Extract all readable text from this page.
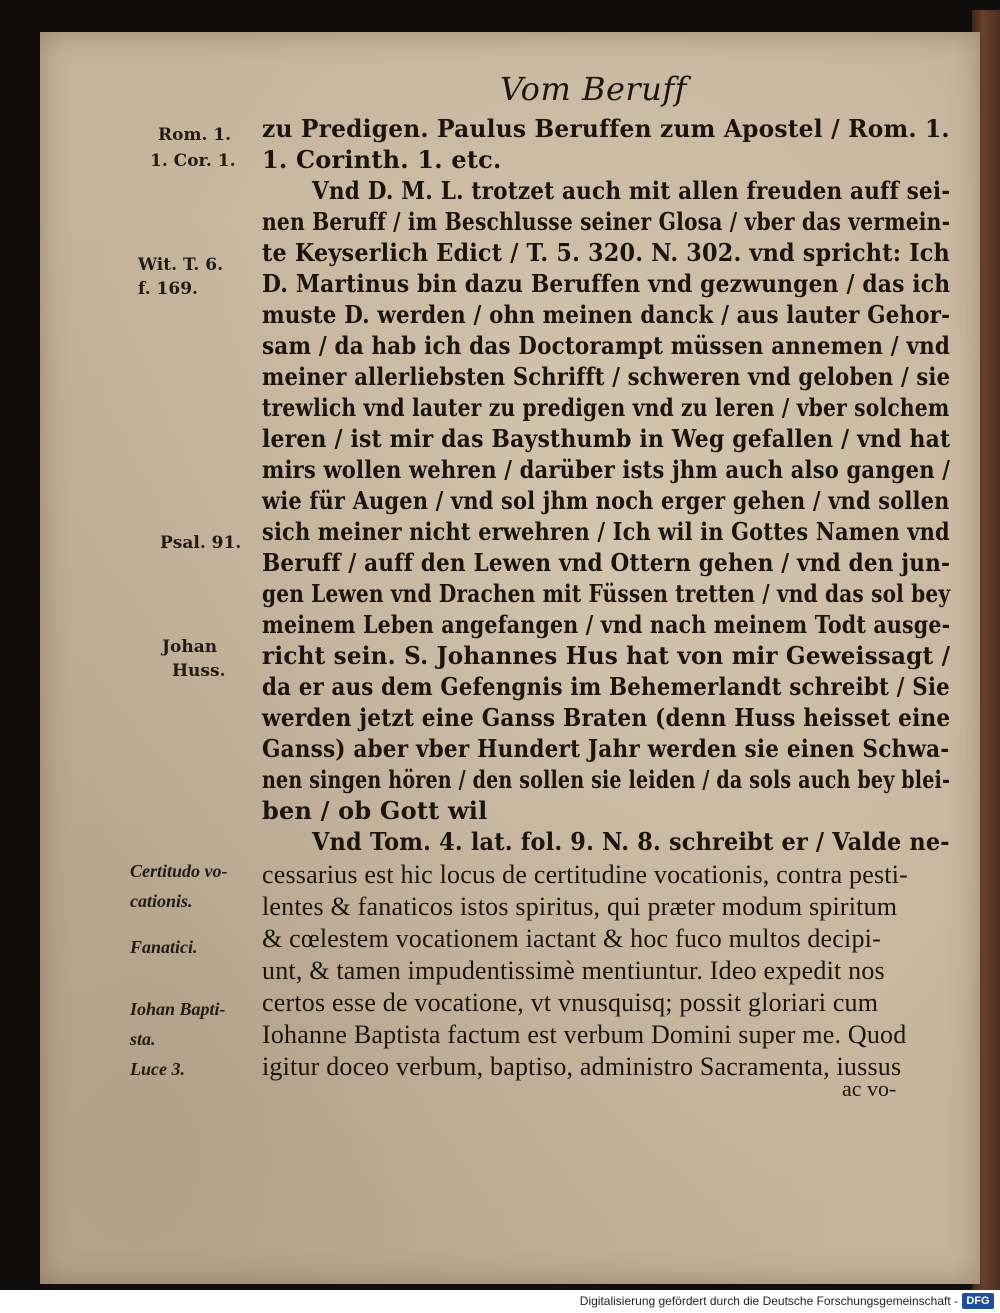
Vom Beruff
Rom. 1.
1. Cor. 1.
Wit. T. 6.
f. 169.
Psal. 91.
Johan
Huss.
Certitudo vo-
cationis.
Fanatici.
Iohan Bapti-
sta.
Luce 3.
zu Predigen. Paulus Beruffen zum Apostel / Rom. 1.
1. Corinth. 1. etc.
Vnd D. M. L. trotzet auch mit allen freuden auff sei-
nen Beruff / im Beschlusse seiner Glosa / vber das vermein-
te Keyserlich Edict / T. 5. 320. N. 302. vnd spricht: Ich
D. Martinus bin dazu Beruffen vnd gezwungen / das ich
muste D. werden / ohn meinen danck / aus lauter Gehor-
sam / da hab ich das Doctorampt müssen annemen / vnd
meiner allerliebsten Schrifft / schweren vnd geloben / sie
trewlich vnd lauter zu predigen vnd zu leren / vber solchem
leren / ist mir das Baysthumb in Weg gefallen / vnd hat
mirs wollen wehren / darüber ists jhm auch also gangen /
wie für Augen / vnd sol jhm noch erger gehen / vnd sollen
sich meiner nicht erwehren / Ich wil in Gottes Namen vnd
Beruff / auff den Lewen vnd Ottern gehen / vnd den jun-
gen Lewen vnd Drachen mit Füssen tretten / vnd das sol bey
meinem Leben angefangen / vnd nach meinem Todt ausge-
richt sein. S. Johannes Hus hat von mir Geweissagt /
da er aus dem Gefengnis im Behemerlandt schreibt / Sie
werden jetzt eine Ganss Braten (denn Huss heisset eine
Ganss) aber vber Hundert Jahr werden sie einen Schwa-
nen singen hören / den sollen sie leiden / da sols auch bey blei-
ben / ob Gott wil
Vnd Tom. 4. lat. fol. 9. N. 8. schreibt er / Valde ne-
cessarius est hic locus de certitudine vocationis, contra pesti-
lentes & fanaticos istos spiritus, qui præter modum spiritum
& cœlestem vocationem iactant & hoc fuco multos decipi-
unt, & tamen impudentissimè mentiuntur. Ideo expedit nos
certos esse de vocatione, vt vnusquisq; possit gloriari cum
Iohanne Baptista factum est verbum Domini super me. Quod
igitur doceo verbum, baptiso, administro Sacramenta, iussus
ac vo-
Digitalisierung gefördert durch die Deutsche Forschungsgemeinschaft - DFG
